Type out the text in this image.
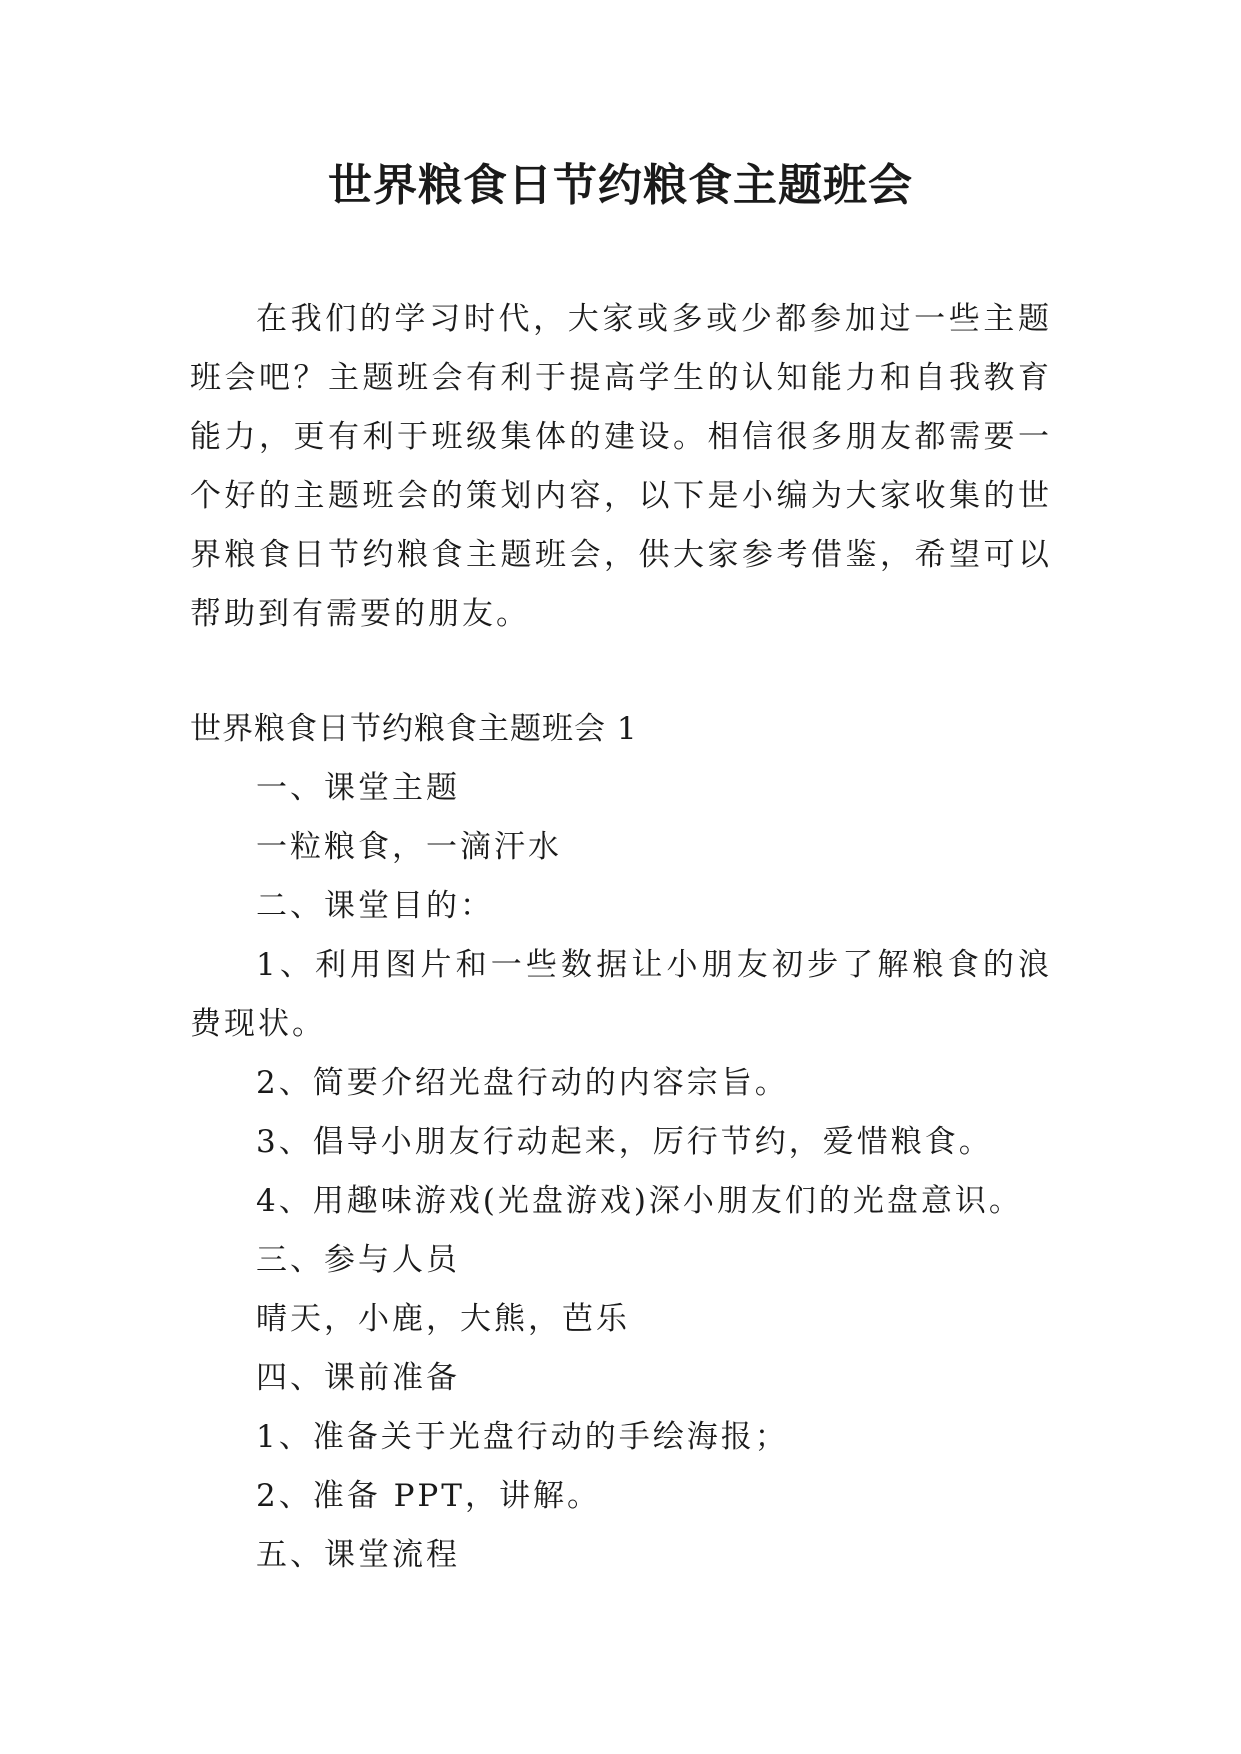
世界粮食日节约粮食主题班会

在我们的学习时代，大家或多或少都参加过一些主题班会吧？主题班会有利于提高学生的认知能力和自我教育能力，更有利于班级集体的建设。相信很多朋友都需要一个好的主题班会的策划内容，以下是小编为大家收集的世界粮食日节约粮食主题班会，供大家参考借鉴，希望可以帮助到有需要的朋友。

世界粮食日节约粮食主题班会 1

一、课堂主题

一粒粮食，一滴汗水

二、课堂目的：

1、利用图片和一些数据让小朋友初步了解粮食的浪费现状。

2、简要介绍光盘行动的内容宗旨。

3、倡导小朋友行动起来，厉行节约，爱惜粮食。

4、用趣味游戏(光盘游戏)深小朋友们的光盘意识。

三、参与人员

晴天，小鹿，大熊，芭乐

四、课前准备

1、准备关于光盘行动的手绘海报；

2、准备 PPT，讲解。

五、课堂流程
